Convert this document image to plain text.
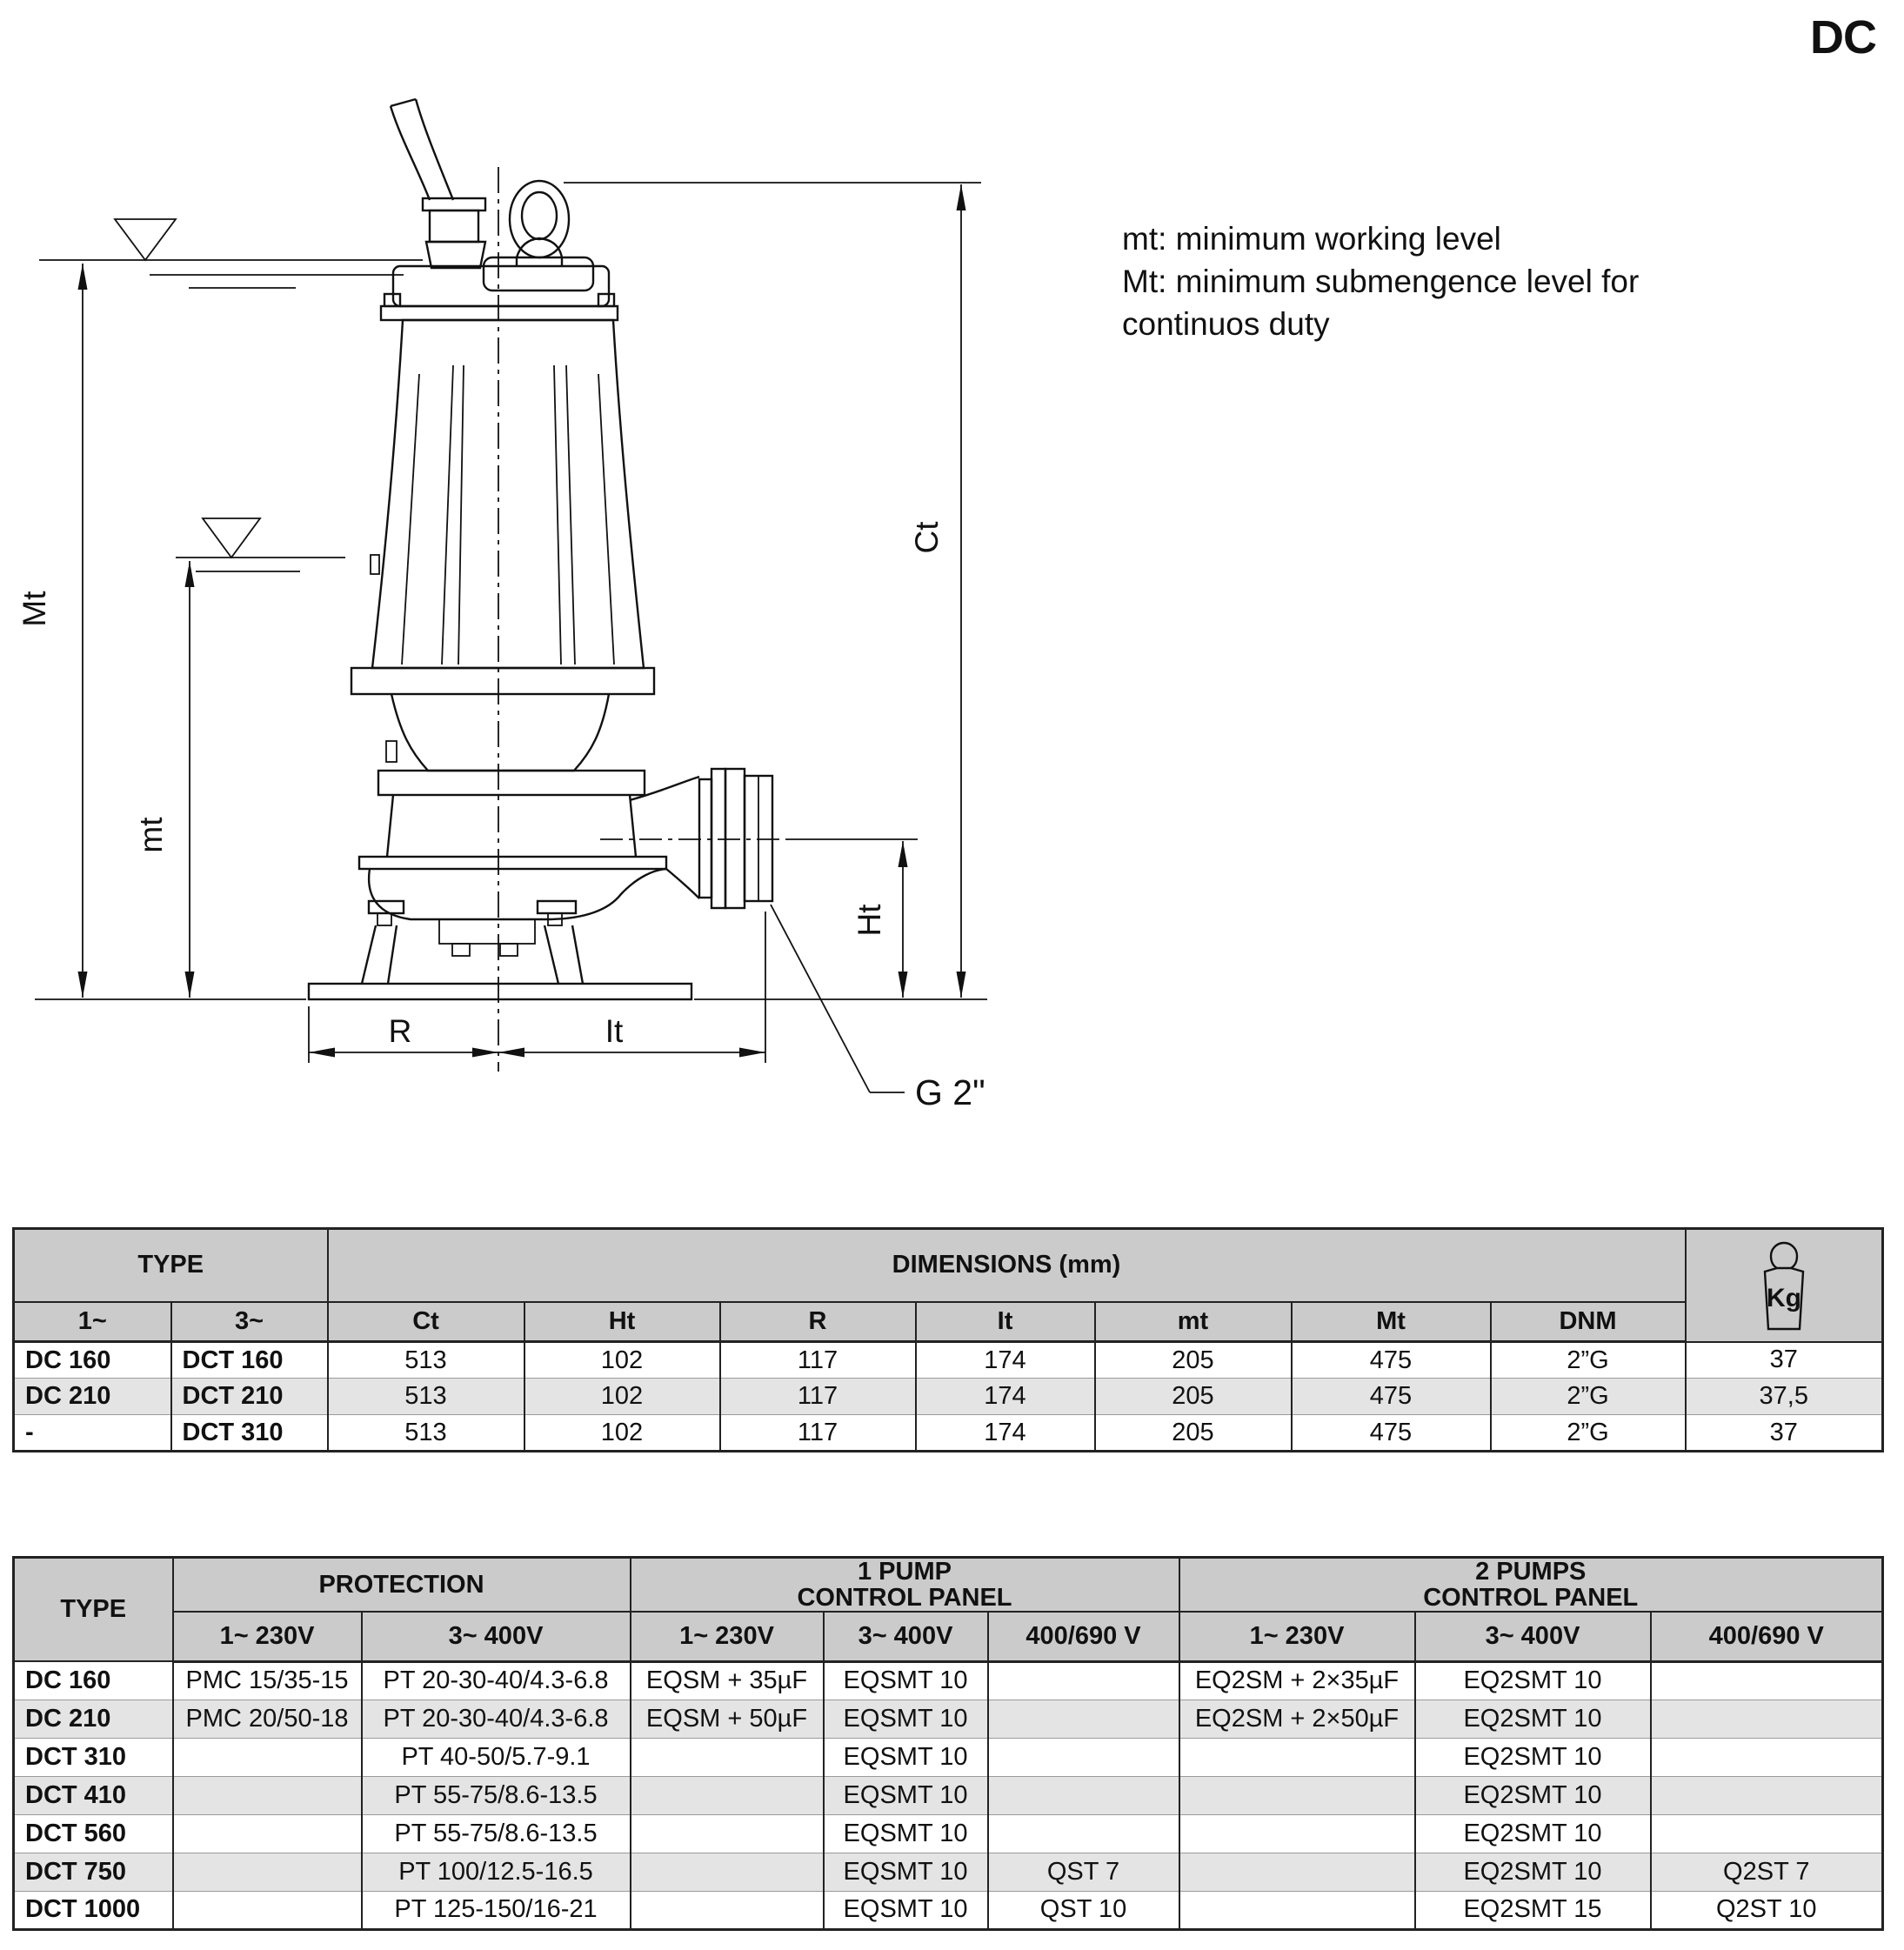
DC
mt: minimum working level
Mt: minimum submengence level for
continuos duty
Mt
mt
Ct
Ht
R	It
G 2"
TYPE		DIMENSIONS (mm)							Kg

1~	3~	Ct	Ht	R	It	mt	Mt	DNM	
DC 160	DCT 160	513	102	117	174	205	475	2”G	37
DC 210	DCT 210	513	102	117	174	205	475	2”G	37,5
-	DCT 310	513	102	117	174	205	475	2”G	37
TYPE	PROTECTION	1 PUMP
CONTROL PANEL

2 PUMPS
CONTROL PANEL

	1~ 230V	3~ 400V	1~ 230V	3~ 400V	400/690 V	1~ 230V	3~ 400V	400/690 V
DC 160	PMC 15/35-15	PT 20-30-40/4.3-6.8	EQSM + 35µF	EQSMT 10		EQ2SM + 2×35µF	EQ2SMT 10	
DC 210	PMC 20/50-18	PT 20-30-40/4.3-6.8	EQSM + 50µF	EQSMT 10		EQ2SM + 2×50µF	EQ2SMT 10	
DCT 310		PT 40-50/5.7-9.1		EQSMT 10			EQ2SMT 10	
DCT 410		PT 55-75/8.6-13.5		EQSMT 10			EQ2SMT 10	
DCT 560		PT 55-75/8.6-13.5		EQSMT 10			EQ2SMT 10	
DCT 750		PT 100/12.5-16.5		EQSMT 10	QST 7		EQ2SMT 10	Q2ST 7
DCT 1000		PT 125-150/16-21		EQSMT 10	QST 10		EQ2SMT 15	Q2ST 10
